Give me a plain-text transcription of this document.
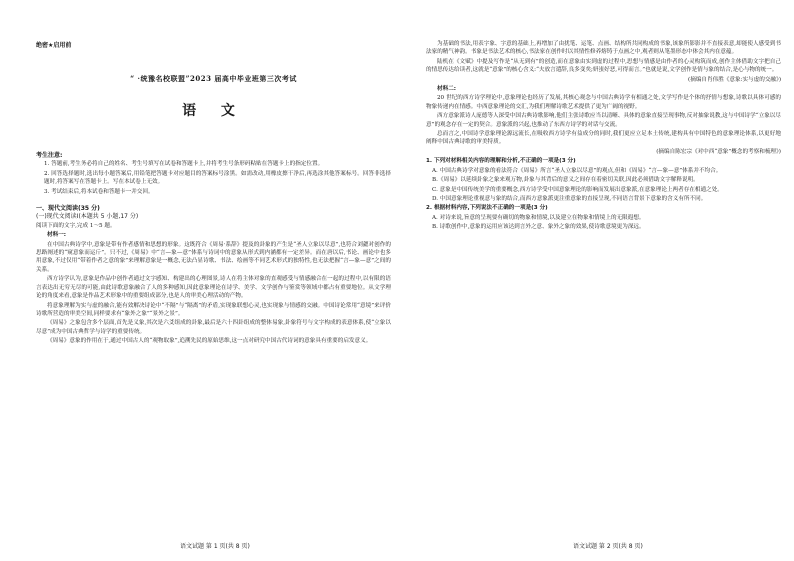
绝密★启用前
“ ·统豫名校联盟”2023 届高中毕业班第三次考试
语 文
考生注意:
1. 答题前,考生务必将自己的姓名、考生号填写在试卷和答题卡上,并将考生号条形码粘贴在答题卡上的指定位置。
2. 回答选择题时,选出每小题答案后,用铅笔把答题卡对应题目的答案标号涂黑。如需改动,用橡皮擦干净后,再选涂其他答案标号。回答非选择题时,将答案写在答题卡上。写在本试卷上无效。
3. 考试结束后,将本试卷和答题卡一并交回。
一、现代文阅读(35 分)
(一)现代文阅读Ⅰ(本题共 5 小题,17 分)

阅读下面的文字,完成 1～5 题。

材料一:

在中国古典诗学中,意象是带有作者感情和思想的形象。这既符合《周易·系辞》提及的卦象的产生是“圣人立象以尽意”,也符合刘勰对创作的思路阐述的“窥意象而运斤”。只不过,《周易》中“言—象—意”体系与诗词中的意象从形式到内涵都有一定差异。而在唐以后,书论、画论中也多用意象,不过仅用“带着作者之意的象”来理解意象是一概念,无法凸显诗歌、书法、绘画等不同艺术形式的独特性,也无法把握“言—象—意”之间的关系。

西方诗学认为,意象是作品中创作者通过文字感知、构建出的心理图景,诗人在将主体对象的直观感受与情感融合在一起的过程中,以有限的语言表达出无穷无尽的可能,由此诗歌意象融合了人的多种感知,因此意象理论在诗学、美学、文学创作与鉴赏等领域中都占有重要地位。从文学理论的角度来看,意象是作品艺术形象中的重要组成部分,也是人的审美心理活动的产物。

将意象理解为实与虚的融合,能有效解决诗论中“不隔”与“隔离”的矛盾,实现象联想心灵,也实现象与情感的交融。中国诗论常用“意境”来评价诗歌所营造的审美空间,同样要求有“象外之象”“景外之景”。

《周易》之象包含多个层面,首先是义象,其次是六爻组成的卦象,最后是六十四卦组成的整体易象,卦象符号与文字构成的表意体系,使“立象以尽意”成为中国古典哲学与诗学的重要传统。

《周易》意象的作用在于,通过中国古人的“观物取象”,追溯先民的原始思维,这一点对研究中国古代诗词的意象具有重要的启发意义。

为基础的书法,用表字象、字意的基础上,再增加了由扰笔、运笔、点画、结构所共同构成的书象,该象所影影并不直接表意,却能使人感受到书法家的精气神韵。书象是书法艺术的核心,书法家在创作时以其情性修养熔铸于点画之中,观者则从笔墨形态中体会其内在意蕴。

陆机在《文赋》中提及写作是“从无到有”的创造,而在意象由实到虚的过程中,思想与情感是由作者的心灵构筑而成,创作主体借助文字把自己的情思传达给读者,这就是“意象”的核心含义:“夫放言遣辞,良多变矣;妍蚩好恶,可得而言。”也就是说,文学创作是情与象的结合,是心与物的统一。

(摘编自肖伟胜《意象:实与虚的交融》)

材料二:

20 世纪的西方诗学理论中,意象理论也经历了发展,其核心观念与中国古典诗学有相通之处,文学写作是个体的抒情与想象,诗歌以具体可感的物象传递内在情感。中西意象理论的交汇,为我们理解诗歌艺术提供了更为广阔的视野。

西方意象派诗人庞德等人深受中国古典诗歌影响,他们主张诗歌应当以清晰、具体的意象直接呈现事物,反对抽象说教,这与中国诗学“立象以尽意”的观念存在一定的契合。意象派的兴起,也推动了东西方诗学的对话与交流。

总而言之,中国诗学意象理论源远流长,在吸收西方诗学有益成分的同时,我们更应立足本土传统,建构具有中国特色的意象理论体系,以更好地阐释中国古典诗歌的审美特质。

(摘编自陈宏宗《对中西“意象”概念的考察和梳理》)

1. 下列对材料相关内容的理解和分析,不正确的一项是(3 分)

A. 中国古典诗学对意象的看法符合《周易》所言“圣人立象以尽意”的观点,但和《周易》“言—象—意”体系并不均合。

B.《周易》以延续卦象之象来观万物,卦象与其背后的意义之间存在着密切关联,因此必须借助文字解释说明。

C. 意象是中国传统美学的重要概念,西方诗学受中国意象理论的影响而发展出意象派,在意象理论上两者存在相通之处。

D. 中国意象理论重视意与象的结合,而西方意象派更注重意象的直接呈现,不同语言背景下意象的含义有所不同。

2. 根据材料内容,下列说法不正确的一项是(3 分)

A. 对诗来说,旨意的呈现要有确切的物象和情境,以及建立在物象和情境上的无限遐想。

B. 诗歌创作中,意象的运用应该达到言外之意、象外之象的效果,使诗歌意境更为深远。

语文试题 第 1 页(共 8 页)	语文试题 第 2 页(共 8 页)
